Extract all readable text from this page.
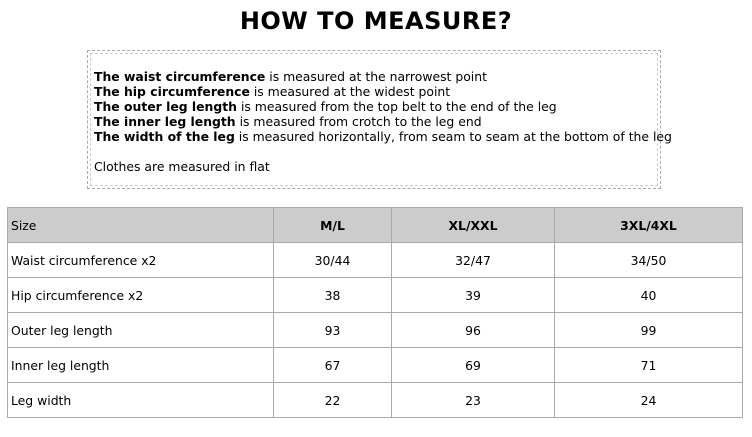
HOW TO MEASURE?
The waist circumference is measured at the narrowest point
The hip circumference is measured at the widest point
The outer leg length is measured from the top belt to the end of the leg
The inner leg length is measured from crotch to the leg end
The width of the leg is measured horizontally, from seam to seam at the bottom of the leg
Clothes are measured in flat
Size	M/L	XL/XXL	3XL/4XL
Waist circumference x2	30/44	32/47	34/50
Hip circumference x2	38	39	40
Outer leg length	93	96	99
Inner leg length	67	69	71
Leg width	22	23	24
